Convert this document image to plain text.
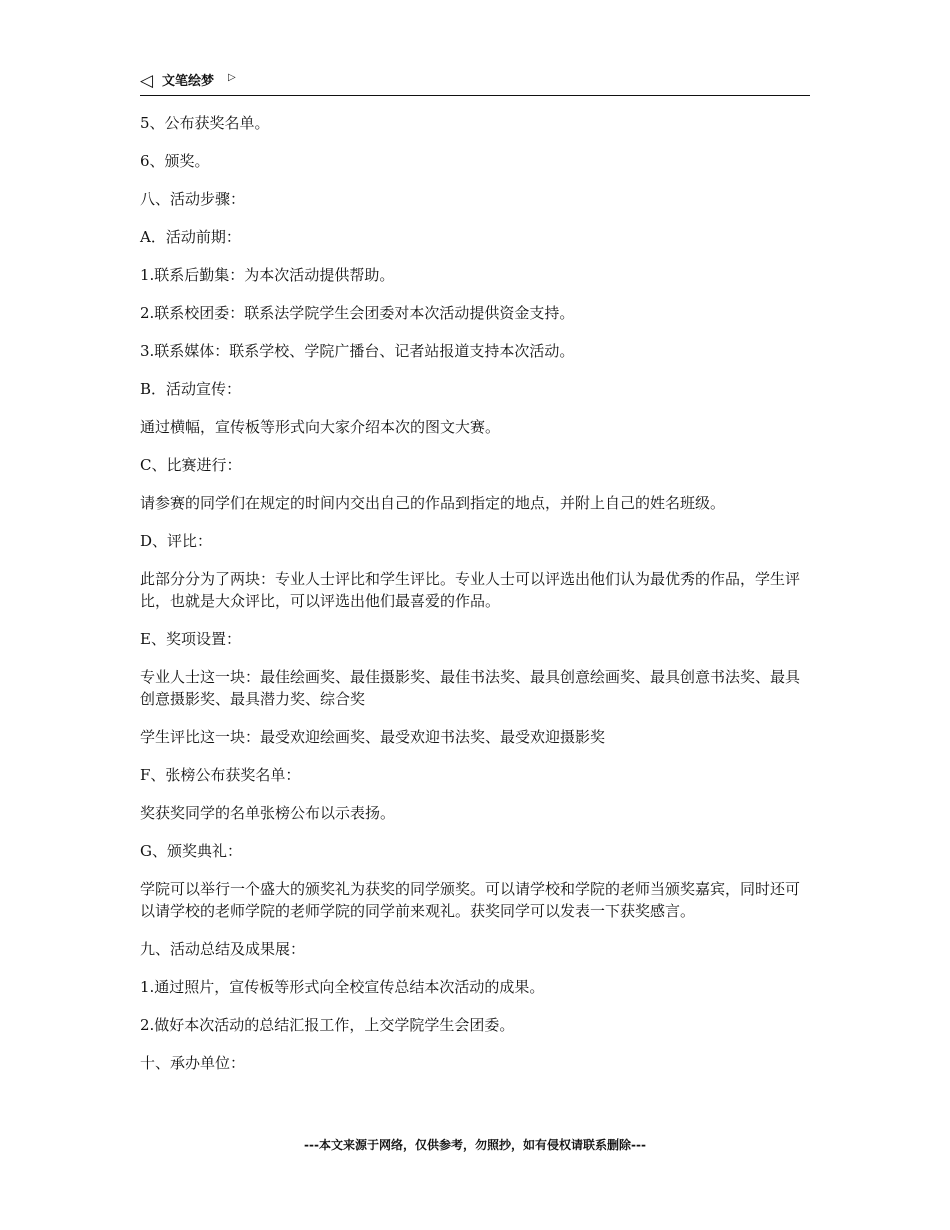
◁ 文笔绘梦 ▷

5、公布获奖名单。

6、颁奖。

八、活动步骤：

A．活动前期：

1.联系后勤集：为本次活动提供帮助。

2.联系校团委：联系法学院学生会团委对本次活动提供资金支持。

3.联系媒体：联系学校、学院广播台、记者站报道支持本次活动。

B．活动宣传：

通过横幅，宣传板等形式向大家介绍本次的图文大赛。

C、比赛进行：

请参赛的同学们在规定的时间内交出自己的作品到指定的地点，并附上自己的姓名班级。

D、评比：

此部分分为了两块：专业人士评比和学生评比。专业人士可以评选出他们认为最优秀的作品，学生评比，也就是大众评比，可以评选出他们最喜爱的作品。

E、奖项设置：

专业人士这一块：最佳绘画奖、最佳摄影奖、最佳书法奖、最具创意绘画奖、最具创意书法奖、最具创意摄影奖、最具潜力奖、综合奖

学生评比这一块：最受欢迎绘画奖、最受欢迎书法奖、最受欢迎摄影奖

F、张榜公布获奖名单：

奖获奖同学的名单张榜公布以示表扬。

G、颁奖典礼：

学院可以举行一个盛大的颁奖礼为获奖的同学颁奖。可以请学校和学院的老师当颁奖嘉宾，同时还可以请学校的老师学院的老师学院的同学前来观礼。获奖同学可以发表一下获奖感言。

九、活动总结及成果展：

1.通过照片，宣传板等形式向全校宣传总结本次活动的成果。

2.做好本次活动的总结汇报工作，上交学院学生会团委。

十、承办单位：

---本文来源于网络，仅供参考，勿照抄，如有侵权请联系删除---
